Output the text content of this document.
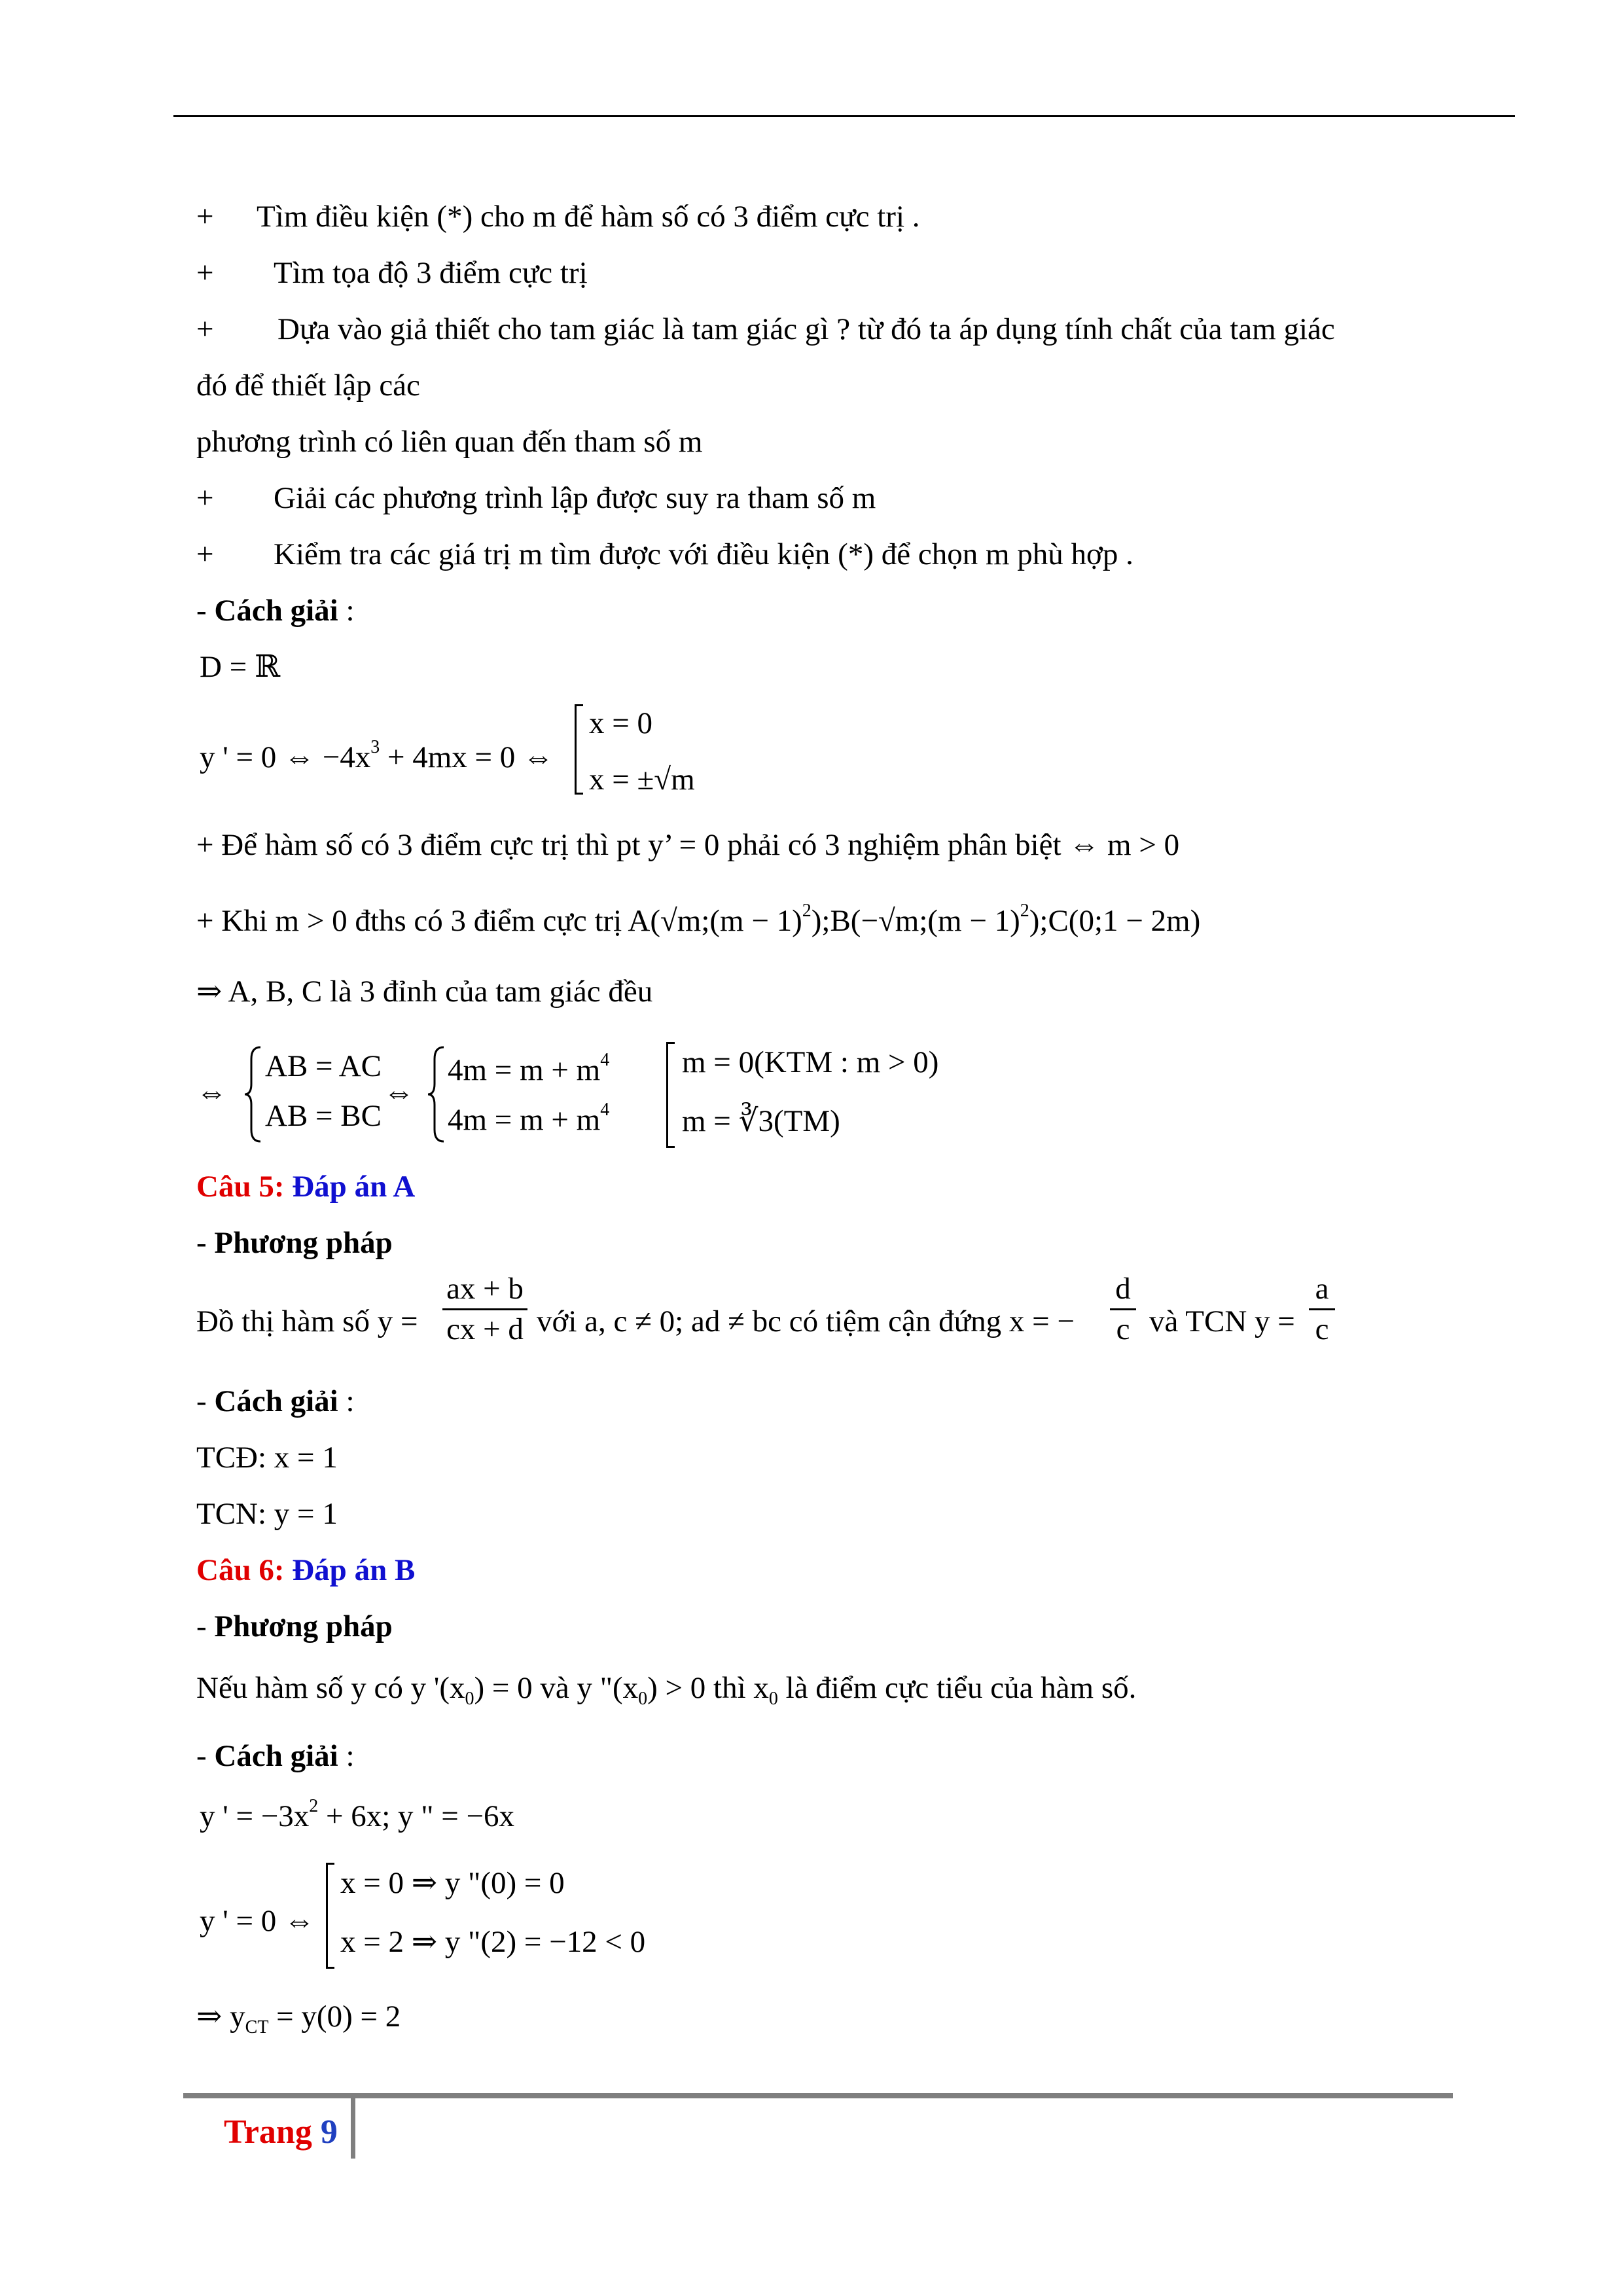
+ Tìm điều kiện (*) cho m để hàm số có 3 điểm cực trị .
+ Tìm tọa độ 3 điểm cực trị
+ Dựa vào giả thiết cho tam giác là tam giác gì ? từ đó ta áp dụng tính chất của tam giác
đó để thiết lập các
phương trình có liên quan đến tham số m
+ Giải các phương trình lập được suy ra tham số m
+ Kiểm tra các giá trị m tìm được với điều kiện (*) để chọn m phù hợp .
- Cách giải :
D = ℝ
y ' = 0 ⇔ $-4x^3 + 4mx = 0$ ⇔
x = 0
x = ±√m
+ Để hàm số có 3 điểm cực trị thì pt y’ = 0 phải có 3 nghiệm phân biệt ⇔ m > 0
+ Khi m > 0 đths có 3 điểm cực trị A(√m;(m − 1)$^2$);B(−√m;(m − 1)$^2$);C(0;1 − 2m)
⇒ A, B, C là 3 đỉnh của tam giác đều
⇔
AB = AC
AB = BC
⇔
$4m = m + m^4$
$4m = m + m^4$
m = 0(KTM : m > 0)
m = ∛3(TM)
Câu 5: Đáp án A
- Phương pháp
Đồ thị hàm số y =
ax + b
cx + d với a, c ≠ 0; ad ≠ bc có tiệm cận đứng x = −
d
c và TCN y =
a
c
- Cách giải :
TCĐ: x = 1
TCN: y = 1
Câu 6: Đáp án B
- Phương pháp
Nếu hàm số y có y '$(x_0) = 0$ và y "$(x_0) > 0$ thì $x_0$ là điểm cực tiểu của hàm số.
- Cách giải :
y ' = $-3x^2 + 6x$; y " = −6x
y ' = 0 ⇔
x = 0 ⇒ y "(0) = 0
x = 2 ⇒ y "(2) = −12 < 0
⇒ $y_{CT} = y(0) = 2$
Trang 9
